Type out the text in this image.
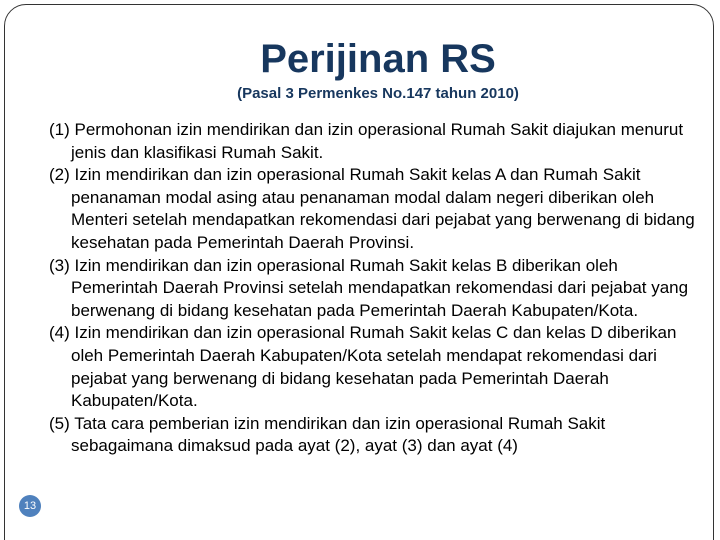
Perijinan RS
(Pasal 3 Permenkes No.147 tahun 2010)
(1) Permohonan izin mendirikan dan izin operasional Rumah Sakit diajukan menurut jenis dan klasifikasi Rumah Sakit.
(2) Izin mendirikan dan izin operasional Rumah Sakit kelas A dan Rumah Sakit penanaman modal asing atau penanaman modal dalam negeri diberikan oleh Menteri setelah mendapatkan rekomendasi dari pejabat yang berwenang di bidang kesehatan pada Pemerintah Daerah Provinsi.
(3) Izin mendirikan dan izin operasional Rumah Sakit kelas B diberikan oleh Pemerintah Daerah Provinsi setelah mendapatkan rekomendasi dari pejabat yang berwenang di bidang kesehatan pada Pemerintah Daerah Kabupaten/Kota.
(4) Izin mendirikan dan izin operasional Rumah Sakit kelas C dan kelas D diberikan oleh Pemerintah Daerah Kabupaten/Kota setelah mendapat rekomendasi dari pejabat yang berwenang di bidang kesehatan pada Pemerintah Daerah Kabupaten/Kota.
(5) Tata cara pemberian izin mendirikan dan izin operasional Rumah Sakit sebagaimana dimaksud pada ayat (2), ayat (3) dan ayat (4)
13
